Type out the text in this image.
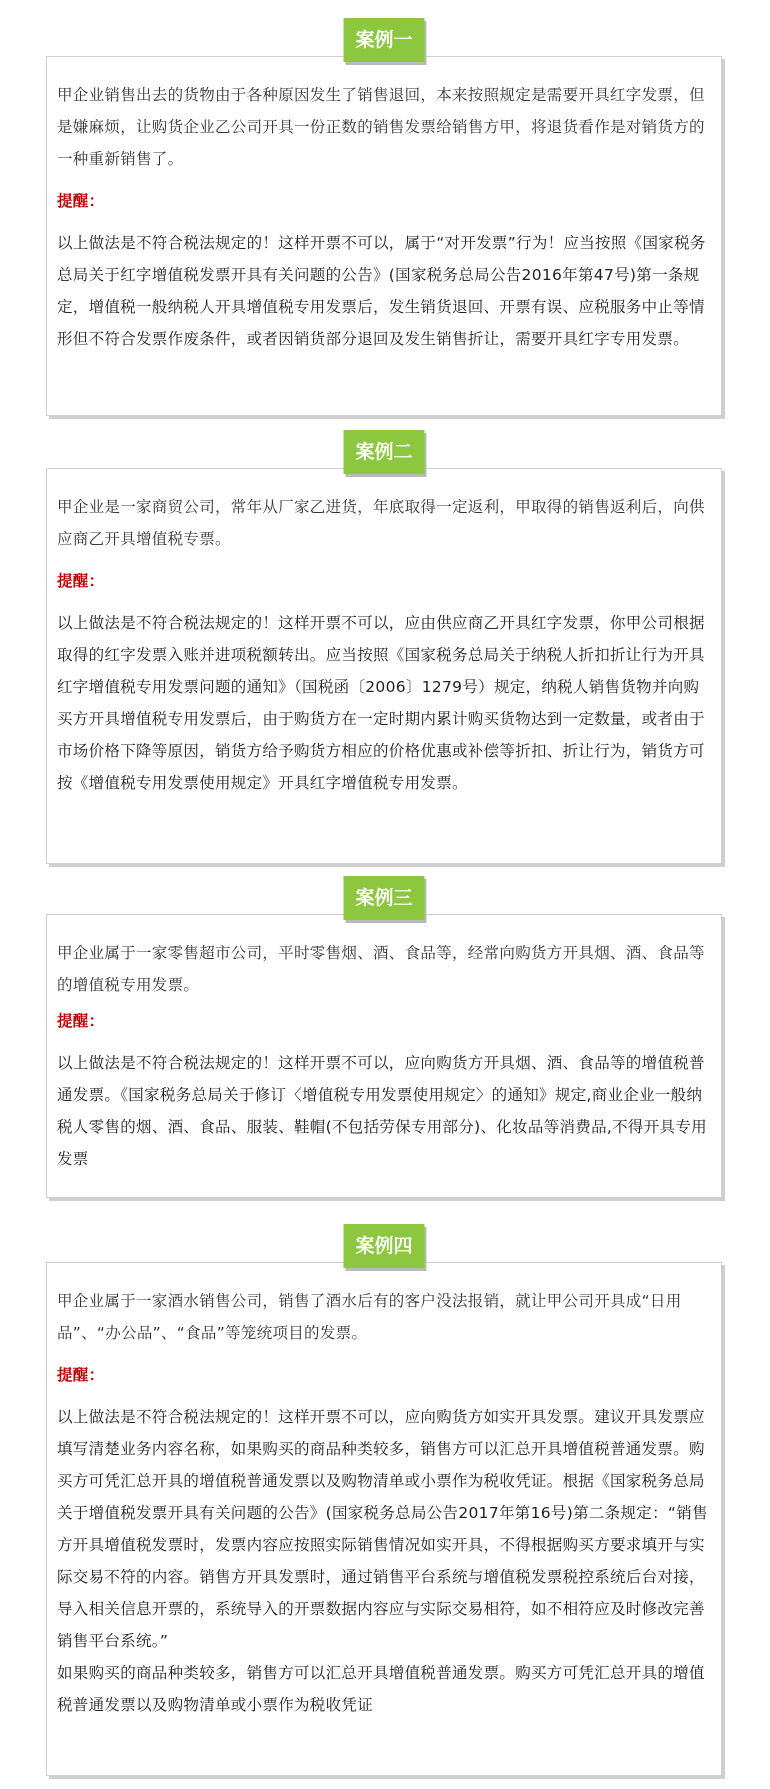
甲企业销售出去的货物由于各种原因发生了销售退回，本来按照规定是需要开具红字发票，但是嫌麻烦，让购货企业乙公司开具一份正数的销售发票给销售方甲，将退货看作是对销货方的一种重新销售了。

提醒：

以上做法是不符合税法规定的！这样开票不可以，属于“对开发票”行为！应当按照《国家税务总局关于红字增值税发票开具有关问题的公告》(国家税务总局公告2016年第47号)第一条规定，增值税一般纳税人开具增值税专用发票后，发生销货退回、开票有误、应税服务中止等情形但不符合发票作废条件，或者因销货部分退回及发生销售折让，需要开具红字专用发票。

案例一

甲企业是一家商贸公司，常年从厂家乙进货，年底取得一定返利，甲取得的销售返利后，向供应商乙开具增值税专票。

提醒：

以上做法是不符合税法规定的！这样开票不可以，应由供应商乙开具红字发票，你甲公司根据取得的红字发票入账并进项税额转出。应当按照《国家税务总局关于纳税人折扣折让行为开具红字增值税专用发票问题的通知》（国税函〔2006〕1279号）规定，纳税人销售货物并向购买方开具增值税专用发票后，由于购货方在一定时期内累计购买货物达到一定数量，或者由于市场价格下降等原因，销货方给予购货方相应的价格优惠或补偿等折扣、折让行为，销货方可按《增值税专用发票使用规定》开具红字增值税专用发票。

案例二

甲企业属于一家零售超市公司，平时零售烟、酒、食品等，经常向购货方开具烟、酒、食品等的增值税专用发票。

提醒：

以上做法是不符合税法规定的！这样开票不可以，应向购货方开具烟、酒、食品等的增值税普通发票。《国家税务总局关于修订〈增值税专用发票使用规定〉的通知》规定,商业企业一般纳税人零售的烟、酒、食品、服装、鞋帽(不包括劳保专用部分)、化妆品等消费品,不得开具专用发票

案例三

甲企业属于一家酒水销售公司，销售了酒水后有的客户没法报销，就让甲公司开具成“日用品”、“办公品”、“食品”等笼统项目的发票。

提醒：

以上做法是不符合税法规定的！这样开票不可以，应向购货方如实开具发票。建议开具发票应填写清楚业务内容名称，如果购买的商品种类较多，销售方可以汇总开具增值税普通发票。购买方可凭汇总开具的增值税普通发票以及购物清单或小票作为税收凭证。根据《国家税务总局关于增值税发票开具有关问题的公告》(国家税务总局公告2017年第16号)第二条规定：“销售方开具增值税发票时，发票内容应按照实际销售情况如实开具，不得根据购买方要求填开与实际交易不符的内容。销售方开具发票时，通过销售平台系统与增值税发票税控系统后台对接，导入相关信息开票的，系统导入的开票数据内容应与实际交易相符，如不相符应及时修改完善销售平台系统。”

如果购买的商品种类较多，销售方可以汇总开具增值税普通发票。购买方可凭汇总开具的增值税普通发票以及购物清单或小票作为税收凭证

案例四
